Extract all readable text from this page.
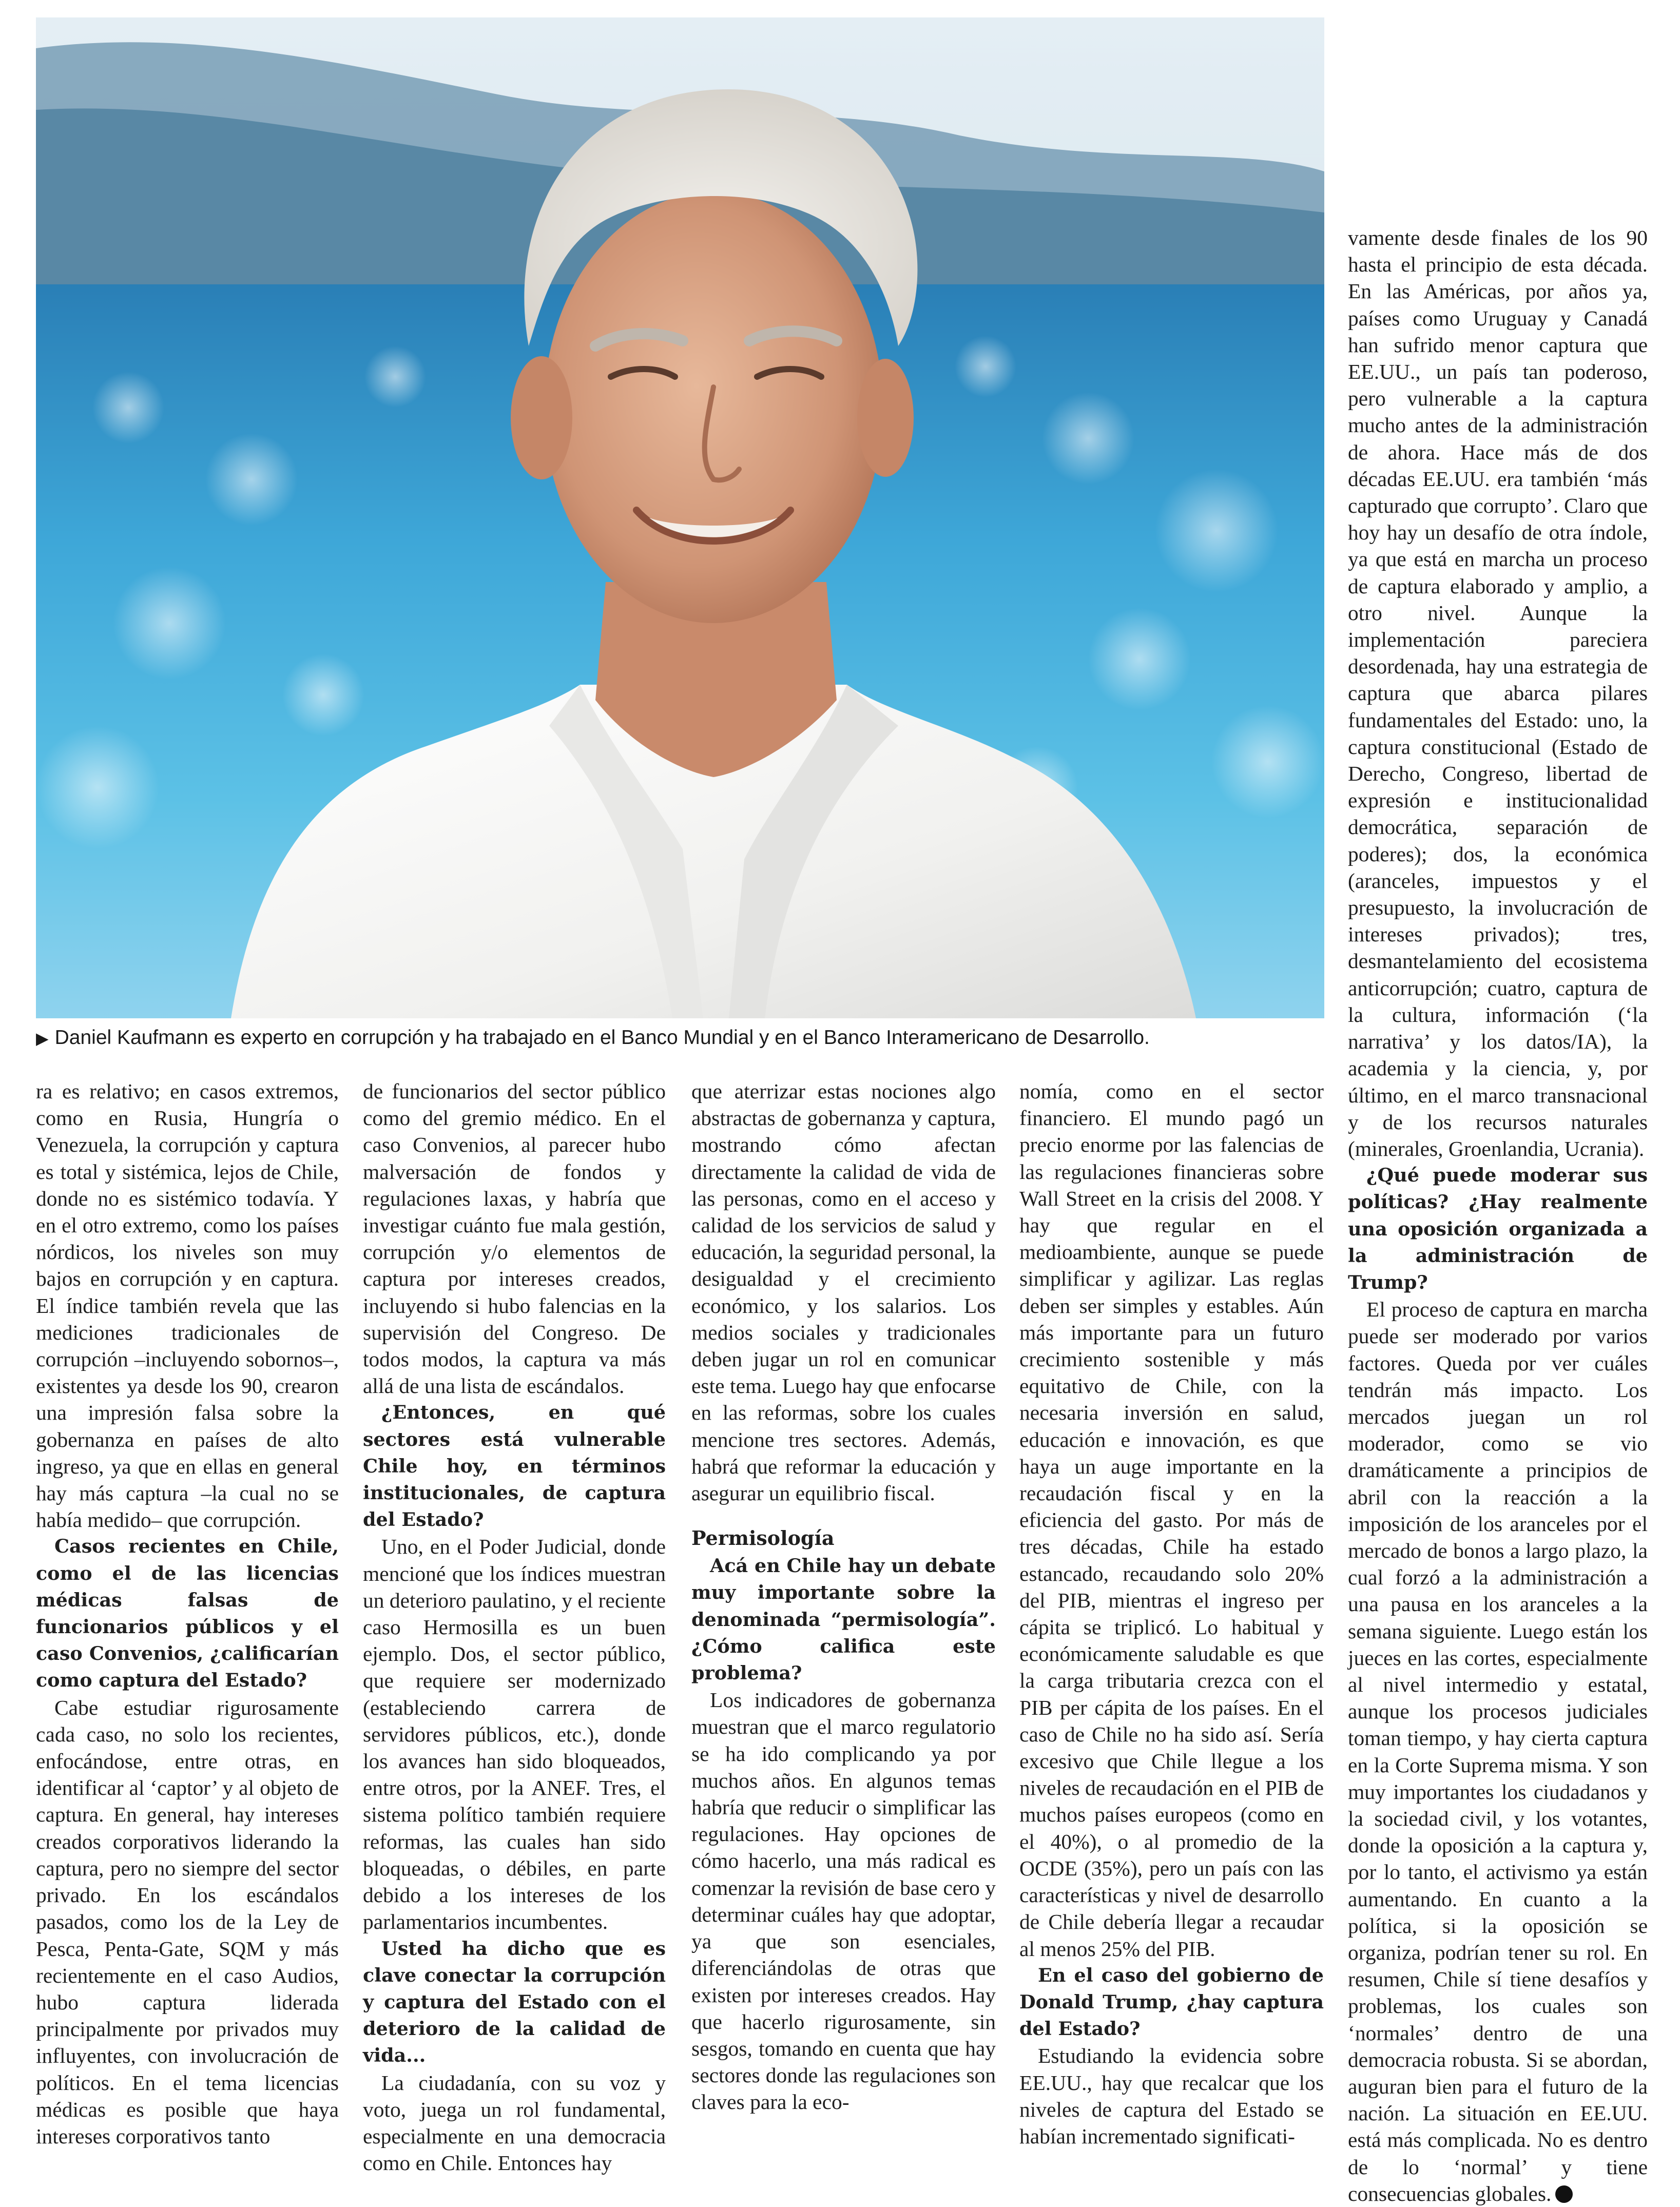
▶ Daniel Kaufmann es experto en corrupción y ha trabajado en el Banco Mundial y en el Banco Interamericano de Desarrollo.

ra es relativo; en casos extremos, como en Rusia, Hungría o Venezuela, la corrupción y captura es total y sistémica, lejos de Chile, donde no es sistémico todavía. Y en el otro extremo, como los países nórdicos, los niveles son muy bajos en corrupción y en captura. El índice también revela que las mediciones tradicionales de corrupción –incluyendo sobornos–, existentes ya desde los 90, crearon una impresión falsa sobre la gobernanza en países de alto ingreso, ya que en ellas en general hay más captura –la cual no se había medido– que corrupción.

Casos recientes en Chile, como el de las licencias médicas falsas de funcionarios públicos y el caso Convenios, ¿calificarían como captura del Estado?

Cabe estudiar rigurosamente cada caso, no solo los recientes, enfocándose, entre otras, en identificar al ‘captor’ y al objeto de captura. En general, hay intereses creados corporativos liderando la captura, pero no siempre del sector privado. En los escándalos pasados, como los de la Ley de Pesca, Penta-Gate, SQM y más recientemente en el caso Audios, hubo captura liderada principalmente por privados muy influyentes, con involucración de políticos. En el tema licencias médicas es posible que haya intereses corporativos tanto

de funcionarios del sector público como del gremio médico. En el caso Convenios, al parecer hubo malversación de fondos y regulaciones laxas, y habría que investigar cuánto fue mala gestión, corrupción y/o elementos de captura por intereses creados, incluyendo si hubo falencias en la supervisión del Congreso. De todos modos, la captura va más allá de una lista de escándalos.

¿Entonces, en qué sectores está vulnerable Chile hoy, en términos institucionales, de captura del Estado?

Uno, en el Poder Judicial, donde mencioné que los índices muestran un deterioro paulatino, y el reciente caso Hermosilla es un buen ejemplo. Dos, el sector público, que requiere ser modernizado (estableciendo carrera de servidores públicos, etc.), donde los avances han sido bloqueados, entre otros, por la ANEF. Tres, el sistema político también requiere reformas, las cuales han sido bloqueadas, o débiles, en parte debido a los intereses de los parlamentarios incumbentes.

Usted ha dicho que es clave conectar la corrupción y captura del Estado con el deterioro de la calidad de vida...

La ciudadanía, con su voz y voto, juega un rol fundamental, especialmente en una democracia como en Chile. Entonces hay

que aterrizar estas nociones algo abstractas de gobernanza y captura, mostrando cómo afectan directamente la calidad de vida de las personas, como en el acceso y calidad de los servicios de salud y educación, la seguridad personal, la desigualdad y el crecimiento económico, y los salarios. Los medios sociales y tradicionales deben jugar un rol en comunicar este tema. Luego hay que enfocarse en las reformas, sobre los cuales mencione tres sectores. Además, habrá que reformar la educación y asegurar un equilibrio fiscal.

Permisología

Acá en Chile hay un debate muy importante sobre la denominada “permisología”. ¿Cómo califica este problema?

Los indicadores de gobernanza muestran que el marco regulatorio se ha ido complicando ya por muchos años. En algunos temas habría que reducir o simplificar las regulaciones. Hay opciones de cómo hacerlo, una más radical es comenzar la revisión de base cero y determinar cuáles hay que adoptar, ya que son esenciales, diferenciándolas de otras que existen por intereses creados. Hay que hacerlo rigurosamente, sin sesgos, tomando en cuenta que hay sectores donde las regulaciones son claves para la eco-

nomía, como en el sector financiero. El mundo pagó un precio enorme por las falencias de las regulaciones financieras sobre Wall Street en la crisis del 2008. Y hay que regular en el medioambiente, aunque se puede simplificar y agilizar. Las reglas deben ser simples y estables. Aún más importante para un futuro crecimiento sostenible y más equitativo de Chile, con la necesaria inversión en salud, educación e innovación, es que haya un auge importante en la recaudación fiscal y en la eficiencia del gasto. Por más de tres décadas, Chile ha estado estancado, recaudando solo 20% del PIB, mientras el ingreso per cápita se triplicó. Lo habitual y económicamente saludable es que la carga tributaria crezca con el PIB per cápita de los países. En el caso de Chile no ha sido así. Sería excesivo que Chile llegue a los niveles de recaudación en el PIB de muchos países europeos (como en el 40%), o al promedio de la OCDE (35%), pero un país con las características y nivel de desarrollo de Chile debería llegar a recaudar al menos 25% del PIB.

En el caso del gobierno de Donald Trump, ¿hay captura del Estado?

Estudiando la evidencia sobre EE.UU., hay que recalcar que los niveles de captura del Estado se habían incrementado significati-

vamente desde finales de los 90 hasta el principio de esta década. En las Américas, por años ya, países como Uruguay y Canadá han sufrido menor captura que EE.UU., un país tan poderoso, pero vulnerable a la captura mucho antes de la administración de ahora. Hace más de dos décadas EE.UU. era también ‘más capturado que corrupto’. Claro que hoy hay un desafío de otra índole, ya que está en marcha un proceso de captura elaborado y amplio, a otro nivel. Aunque la implementación pareciera desordenada, hay una estrategia de captura que abarca pilares fundamentales del Estado: uno, la captura constitucional (Estado de Derecho, Congreso, libertad de expresión e institucionalidad democrática, separación de poderes); dos, la económica (aranceles, impuestos y el presupuesto, la involucración de intereses privados); tres, desmantelamiento del ecosistema anticorrupción; cuatro, captura de la cultura, información (‘la narrativa’ y los datos/IA), la academia y la ciencia, y, por último, en el marco transnacional y de los recursos naturales (minerales, Groenlandia, Ucrania).

¿Qué puede moderar sus políticas? ¿Hay realmente una oposición organizada a la administración de Trump?

El proceso de captura en marcha puede ser moderado por varios factores. Queda por ver cuáles tendrán más impacto. Los mercados juegan un rol moderador, como se vio dramáticamente a principios de abril con la reacción a la imposición de los aranceles por el mercado de bonos a largo plazo, la cual forzó a la administración a una pausa en los aranceles a la semana siguiente. Luego están los jueces en las cortes, especialmente al nivel intermedio y estatal, aunque los procesos judiciales toman tiempo, y hay cierta captura en la Corte Suprema misma. Y son muy importantes los ciudadanos y la sociedad civil, y los votantes, donde la oposición a la captura y, por lo tanto, el activismo ya están aumentando. En cuanto a la política, si la oposición se organiza, podrían tener su rol. En resumen, Chile sí tiene desafíos y problemas, los cuales son ‘normales’ dentro de una democracia robusta. Si se abordan, auguran bien para el futuro de la nación. La situación en EE.UU. está más complicada. No es dentro de lo ‘normal’ y tiene consecuencias globales.
